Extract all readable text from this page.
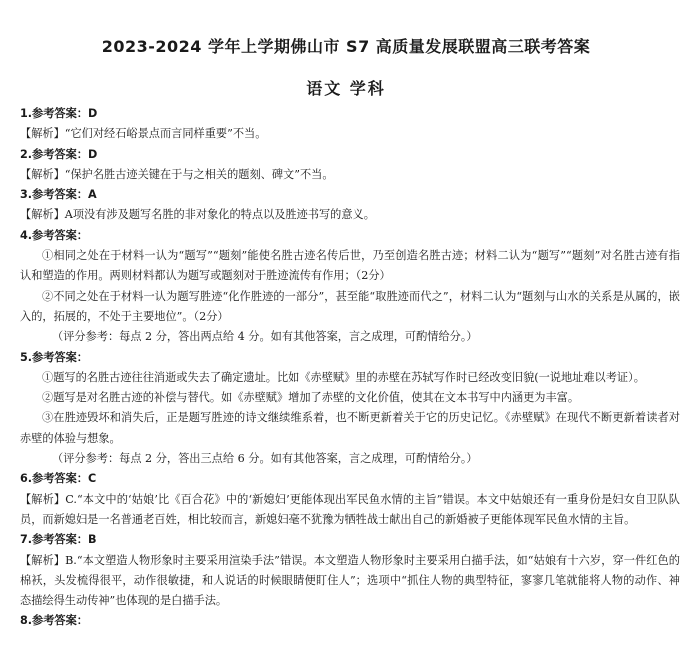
2023-2024 学年上学期佛山市 S7 高质量发展联盟高三联考答案
语文 学科
1.参考答案：D
【解析】“它们对经石峪景点而言同样重要”不当。
2.参考答案：D
【解析】“保护名胜古迹关键在于与之相关的题刻、碑文”不当。
3.参考答案：A
【解析】A项没有涉及题写名胜的非对象化的特点以及胜迹书写的意义。
4.参考答案：
①相同之处在于材料一认为“题写”“题刻”能使名胜古迹名传后世，乃至创造名胜古迹；材料二认为“题写”“题刻”对名胜古迹有指认和塑造的作用。两则材料都认为题写或题刻对于胜迹流传有作用；（2分）
②不同之处在于材料一认为题写胜迹“化作胜迹的一部分”，甚至能“取胜迹而代之”，材料二认为“题刻与山水的关系是从属的，嵌入的，拓展的，不处于主要地位”。（2分）
（评分参考：每点 2 分，答出两点给 4 分。如有其他答案，言之成理，可酌情给分。）
5.参考答案：
①题写的名胜古迹往往消逝或失去了确定遗址。比如《赤壁赋》里的赤壁在苏轼写作时已经改变旧貌(一说地址难以考证）。
②题写是对名胜古迹的补偿与替代。如《赤壁赋》增加了赤壁的文化价值，使其在文本书写中内涵更为丰富。
③在胜迹毁坏和消失后，正是题写胜迹的诗文继续维系着，也不断更新着关于它的历史记忆。《赤壁赋》在现代不断更新着读者对赤壁的体验与想象。
（评分参考：每点 2 分，答出三点给 6 分。如有其他答案，言之成理，可酌情给分。）
6.参考答案：C
【解析】C.“本文中的‘姑娘’比《百合花》中的‘新媳妇’更能体现出军民鱼水情的主旨”错误。本文中姑娘还有一重身份是妇女自卫队队员，而新媳妇是一名普通老百姓，相比较而言，新媳妇毫不犹豫为牺牲战士献出自己的新婚被子更能体现军民鱼水情的主旨。
7.参考答案：B
【解析】B.“本文塑造人物形象时主要采用渲染手法”错误。本文塑造人物形象时主要采用白描手法，如“姑娘有十六岁，穿一件红色的棉袄，头发梳得很平，动作很敏捷，和人说话的时候眼睛便盯住人”；选项中“抓住人物的典型特征，寥寥几笔就能将人物的动作、神态描绘得生动传神”也体现的是白描手法。
8.参考答案：
